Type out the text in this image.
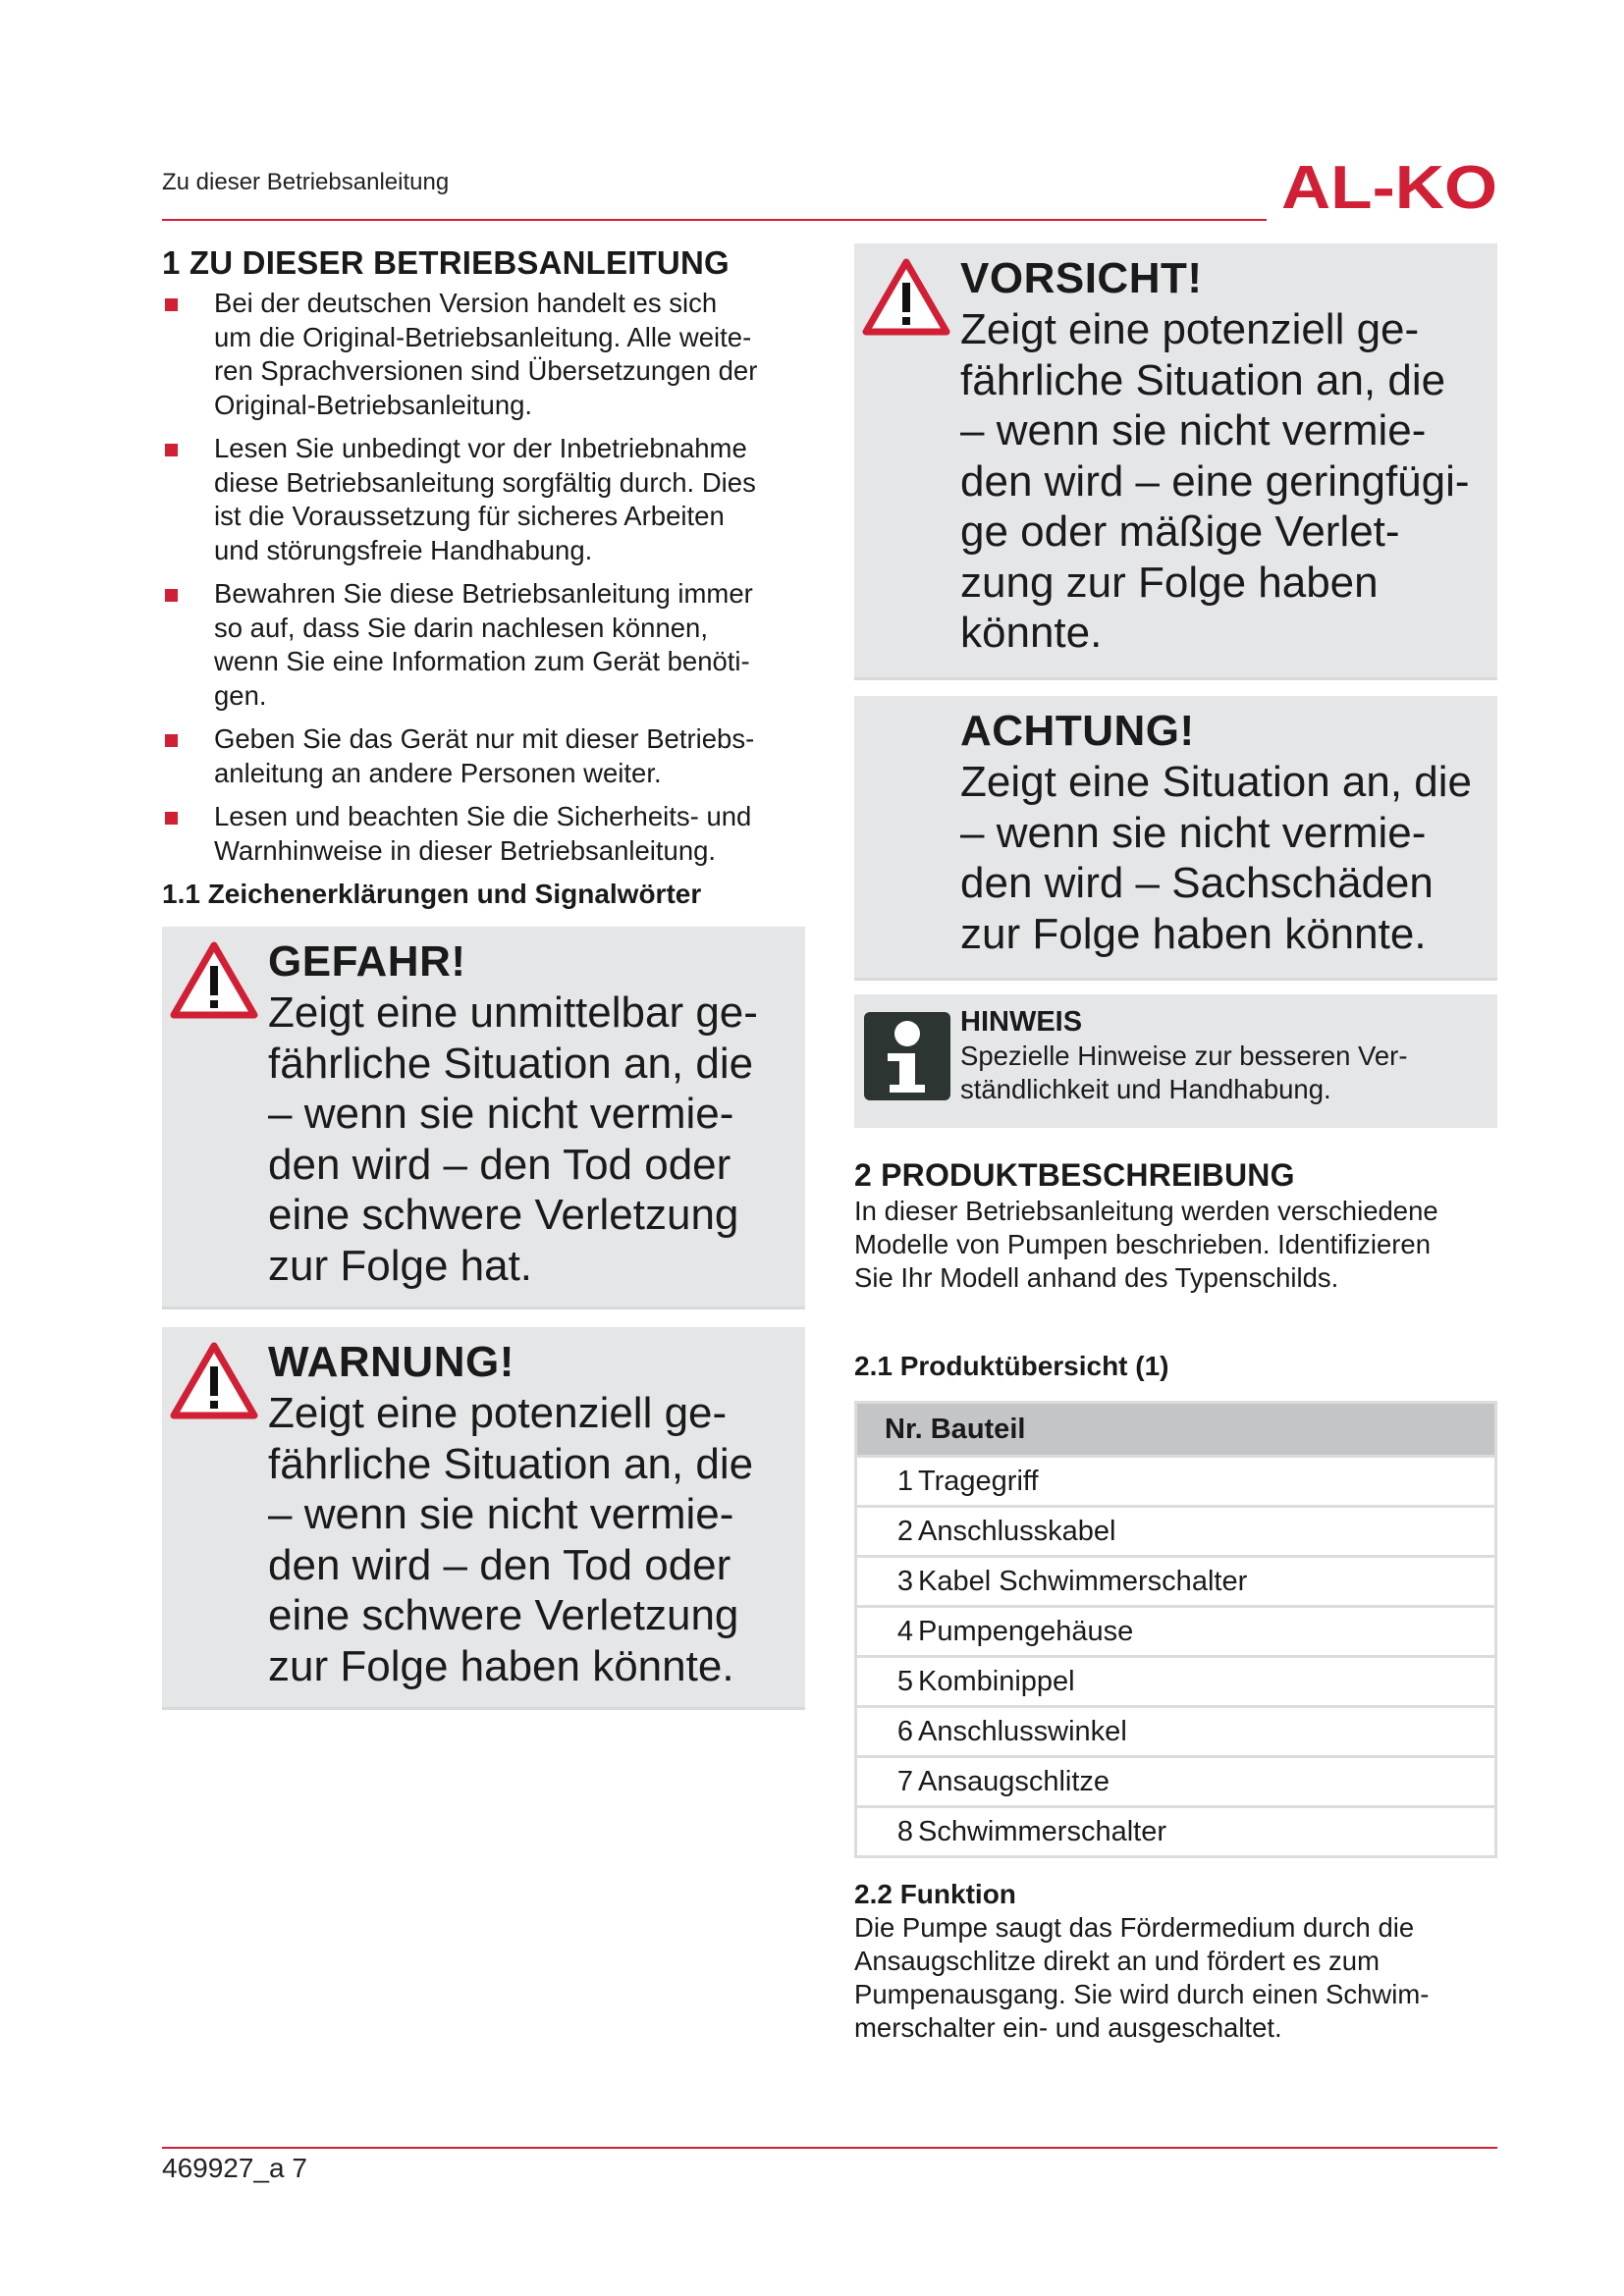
Zu dieser Betriebsanleitung	AL-KO
1 ZU DIESER BETRIEBSANLEITUNG
Bei der deutschen Version handelt es sich
um die Original-Betriebsanleitung. Alle weite-
ren Sprachversionen sind Übersetzungen der
Original-Betriebsanleitung.
Lesen Sie unbedingt vor der Inbetriebnahme
diese Betriebsanleitung sorgfältig durch. Dies
ist die Voraussetzung für sicheres Arbeiten
und störungsfreie Handhabung.
Bewahren Sie diese Betriebsanleitung immer
so auf, dass Sie darin nachlesen können,
wenn Sie eine Information zum Gerät benöti-
gen.
Geben Sie das Gerät nur mit dieser Betriebs-
anleitung an andere Personen weiter.
Lesen und beachten Sie die Sicherheits- und
Warnhinweise in dieser Betriebsanleitung.
1.1 Zeichenerklärungen und Signalwörter

GEFAHR!

Zeigt eine unmittelbar ge-
fährliche Situation an, die
– wenn sie nicht vermie-
den wird – den Tod oder
eine schwere Verletzung
zur Folge hat.

WARNUNG!

Zeigt eine potenziell ge-
fährliche Situation an, die
– wenn sie nicht vermie-
den wird – den Tod oder
eine schwere Verletzung
zur Folge haben könnte.

VORSICHT!

Zeigt eine potenziell ge-
fährliche Situation an, die
– wenn sie nicht vermie-
den wird – eine geringfügi-
ge oder mäßige Verlet-
zung zur Folge haben
könnte.

ACHTUNG!

Zeigt eine Situation an, die
– wenn sie nicht vermie-
den wird – Sachschäden
zur Folge haben könnte.

HINWEIS

Spezielle Hinweise zur besseren Ver-
ständlichkeit und Handhabung.

2 PRODUKTBESCHREIBUNG

In dieser Betriebsanleitung werden verschiedene
Modelle von Pumpen beschrieben. Identifizieren
Sie Ihr Modell anhand des Typenschilds.

2.1 Produktübersicht (1)
Nr. Bauteil
1 Tragegriff
2 Anschlusskabel
3 Kabel Schwimmerschalter
4 Pumpengehäuse
5 Kombinippel
6 Anschlusswinkel
7 Ansaugschlitze
8 Schwimmerschalter
2.2 Funktion

Die Pumpe saugt das Fördermedium durch die
Ansaugschlitze direkt an und fördert es zum
Pumpenausgang. Sie wird durch einen Schwim-
merschalter ein- und ausgeschaltet.

469927_a 7
